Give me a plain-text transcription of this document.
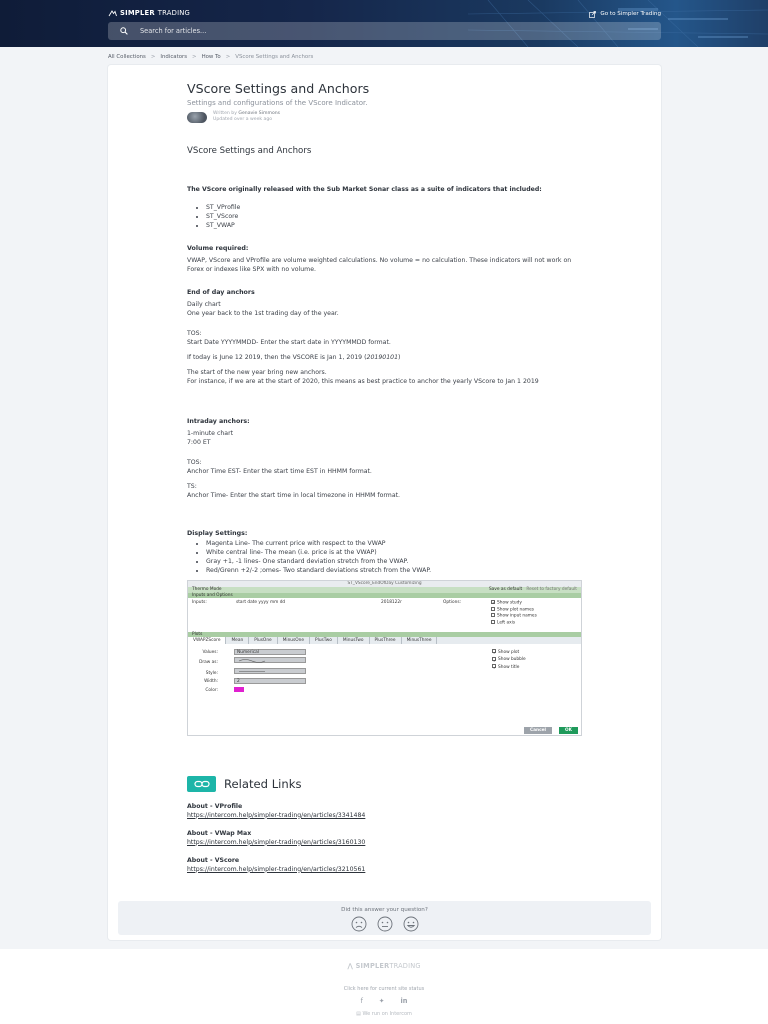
SIMPLER TRADING	Go to Simpler Trading
Search for articles...
All Collections > Indicators > How To > VScore Settings and Anchors
VScore Settings and Anchors
Settings and configurations of the VScore Indicator.
Written by Genavie Simmons
Updated over a week ago
VScore Settings and Anchors

The VScore originally released with the Sub Market Sonar class as a suite of indicators that included:

• ST_VProfile
• ST_VScore
• ST_VWAP
Volume required:

VWAP, VScore and VProfile are volume weighted calculations. No volume = no calculation. These indicators will not work on Forex or indexes like SPX with no volume.

End of day anchors

Daily chart

One year back to the 1st trading day of the year.

TOS:

Start Date YYYYMMDD- Enter the start date in YYYYMMDD format.

If today is June 12 2019, then the VSCORE is Jan 1, 2019 (20190101)

The start of the new year bring new anchors.

For instance, if we are at the start of 2020, this means as best practice to anchor the yearly VScore to Jan 1 2019

Intraday anchors:

1-minute chart

7:00 ET

TOS:

Anchor Time EST- Enter the start time EST in HHMM format.

TS:

Anchor Time- Enter the start time in local timezone in HHMM format.

Display Settings:
• Magenta Line- The current price with respect to the VWAP
• White central line- The mean (i.e. price is at the VWAP)
• Gray +1, -1 lines- One standard deviation stretch from the VWAP.
• Red/Grenn +2/-2 ;omes- Two standard deviations stretch from the VWAP.
ST_VScore_EndOfDay Customizing
Thermo Mode	Save as default Reset to factory default
Inputs and Options
Inputs:	start date yyyy mm dd	2018122r	Options:	✓Show study
Show plot names
Show input names
Left axis
Plots
VWAPZScore	Mean	PlusOne	MinusOne	PlusTwo	MinusTwo	PlusThree	MinusThree
Values:	Numerical
Draw as:
Style:
Width:	2
Color:
✓Show plot
✓Show bubble
✓Show title
Cancel	OK
Related Links
About - VProfile
https://intercom.help/simpler-trading/en/articles/3341484
About - VWap Max
https://intercom.help/simpler-trading/en/articles/3160130
About - VScore
https://intercom.help/simpler-trading/en/articles/3210561
Did this answer your question?
⋀ SIMPLERTRADING
Click here for current site status
f ✦ in
▤ We run on Intercom
